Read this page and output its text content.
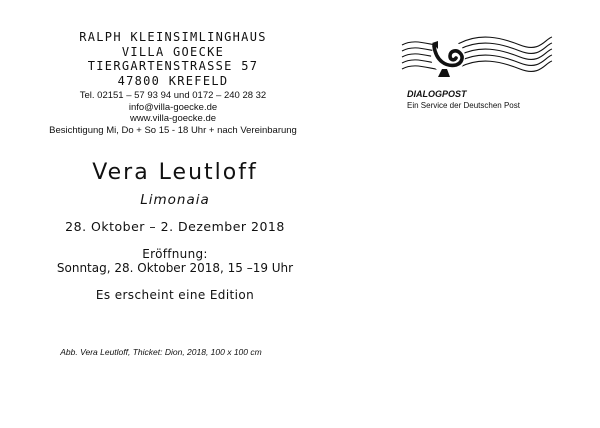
RALPH KLEINSIMLINGHAUS
VILLA GOECKE
TIERGARTENSTRASSE 57
47800 KREFELD
Tel. 02151 – 57 93 94 und 0172 – 240 28 32
info@villa-goecke.de
www.villa-goecke.de
Besichtigung Mi, Do + So 15 - 18 Uhr + nach Vereinbarung
DIALOGPOST
Ein Service der Deutschen Post
Vera Leutloff
Limonaia
28. Oktober – 2. Dezember 2018
Eröffnung:
Sonntag, 28. Oktober 2018, 15 –19 Uhr
Es erscheint eine Edition
Abb. Vera Leutloff, Thicket: Dion, 2018, 100 x 100 cm
